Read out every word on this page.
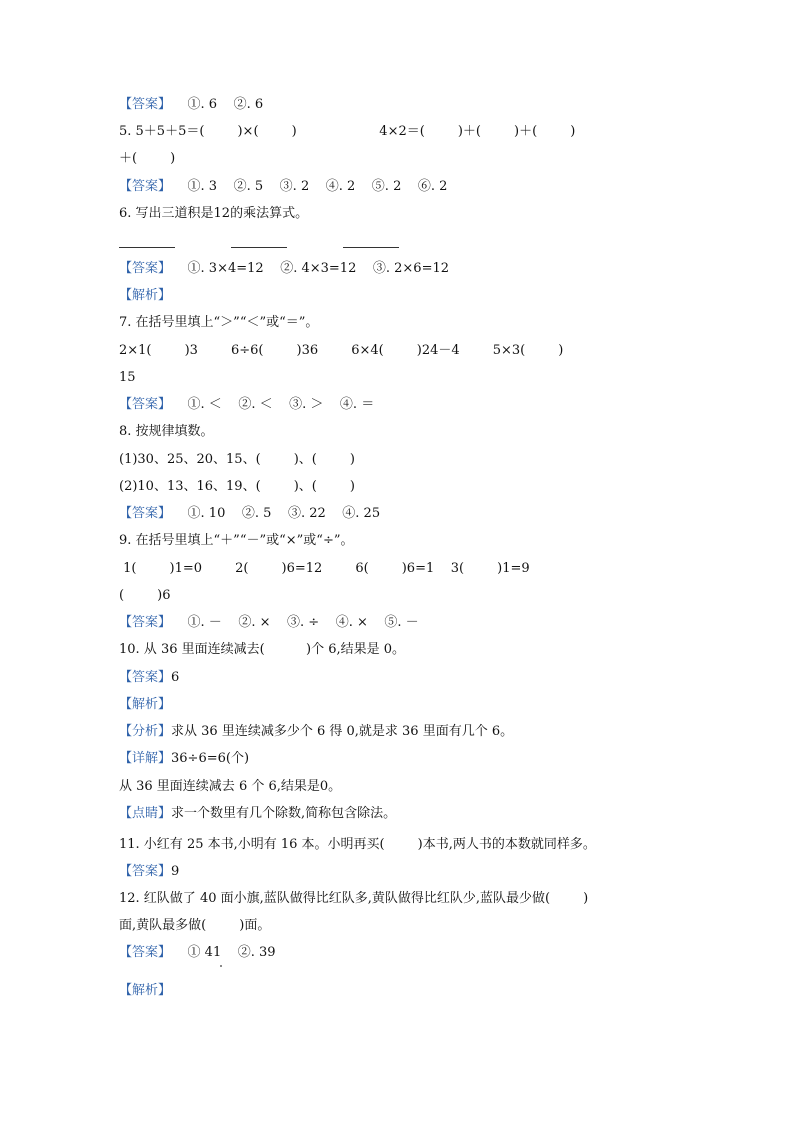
【答案】    ①. 6    ②. 6
5. 5＋5＋5＝(        )×(        )                    4×2＝(        )＋(        )＋(        )
＋(        )
【答案】    ①. 3    ②. 5    ③. 2    ④. 2    ⑤. 2    ⑥. 2
6. 写出三道积是12的乘法算式。
【答案】    ①. 3×4=12    ②. 4×3=12    ③. 2×6=12
【解析】
7. 在括号里填上“＞”“＜”或“＝”。
2×1(        )3        6÷6(        )36        6×4(        )24－4        5×3(        )
15
【答案】    ①. ＜    ②. ＜    ③. ＞    ④. ＝
8. 按规律填数。
(1)30、25、20、15、(        )、(        )
(2)10、13、16、19、(        )、(        )
【答案】    ①. 10    ②. 5    ③. 22    ④. 25
9. 在括号里填上“＋”“－”或“×”或“÷”。
1(        )1=0        2(        )6=12        6(        )6=1    3(        )1=9
(        )6
【答案】    ①. －    ②. ×    ③. ÷    ④. ×    ⑤. －
10. 从 36 里面连续减去(          )个 6,结果是 0。
【答案】6
【解析】
【分析】求从 36 里连续减多少个 6 得 0,就是求 36 里面有几个 6。
【详解】36÷6=6(个)
从 36 里面连续减去 6 个 6,结果是0。
【点睛】求一个数里有几个除数,简称包含除法。
11. 小红有 25 本书,小明有 16 本。小明再买(        )本书,两人书的本数就同样多。
【答案】9
12. 红队做了 40 面小旗,蓝队做得比红队多,黄队做得比红队少,蓝队最少做(        )
面,黄队最多做(        )面。
【答案】    ① 41    ②. 39
【解析】
